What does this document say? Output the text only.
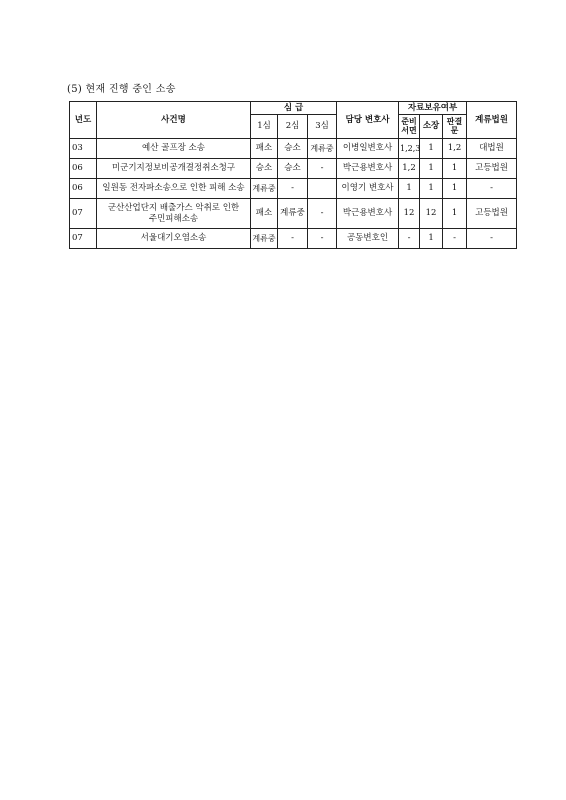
(5) 현재 진행 중인 소송
년도	사건명	심 급			담당 변호사	자료보유여부			계류법원
		1심	2심	3심		준비서면	소장	판결문	
03	예산 골프장 소송	패소	승소	계류중	이병일변호사	1,2,3	1	1,2	대법원
06	미군기지정보비공개결정취소청구	승소	승소	-	박근용변호사	1,2	1	1	고등법원
06	일원동 전자파소송으로 인한 피해 소송	계류중	-		이영기 변호사	1	1	1	-
07	군산산업단지 배출가스 악취로 인한
주민피해소송	패소	계류중	-	박근용변호사	12	12	1	고등법원
07	서울대기오염소송	계류중	-	-	공동변호인	-	1	-	-
